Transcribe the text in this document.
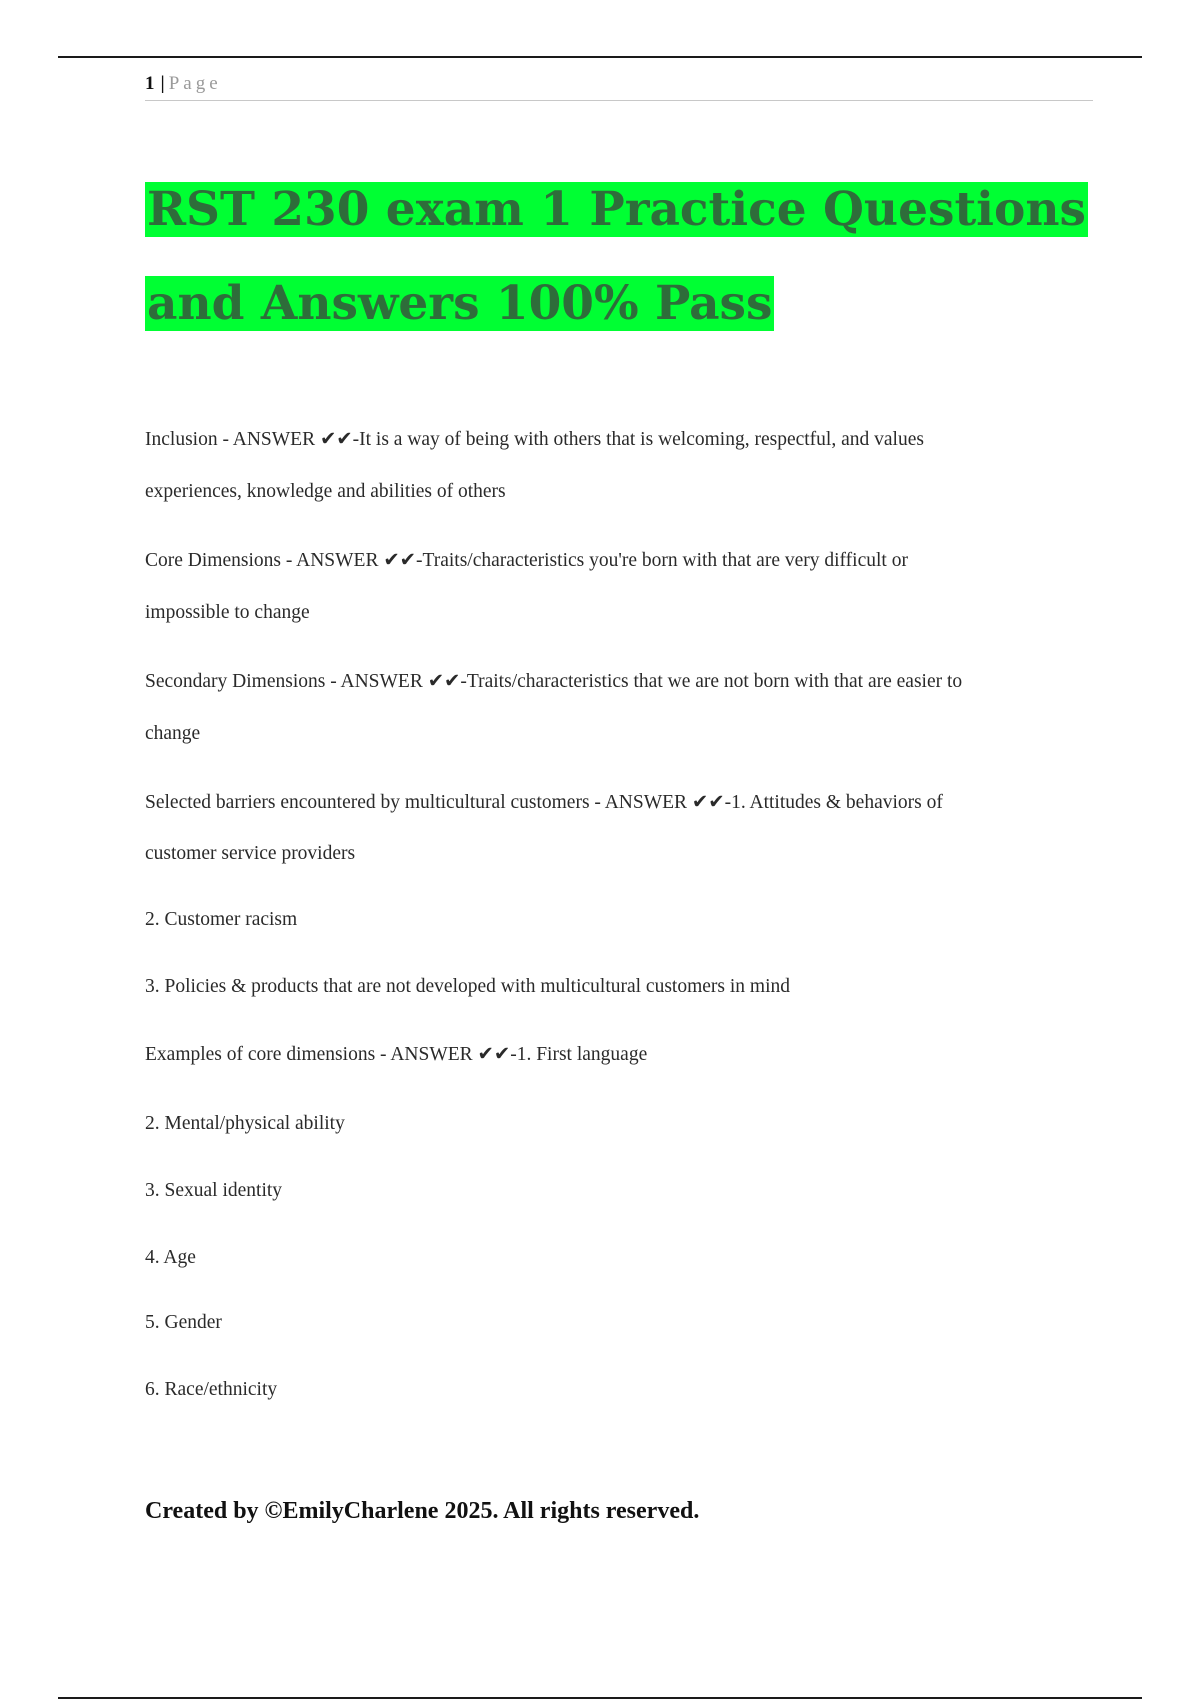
1 | Page
RST 230 exam 1 Practice Questions and Answers 100% Pass
Inclusion - ANSWER ✔✔-It is a way of being with others that is welcoming, respectful, and values
experiences, knowledge and abilities of others
Core Dimensions - ANSWER ✔✔-Traits/characteristics you're born with that are very difficult or
impossible to change
Secondary Dimensions - ANSWER ✔✔-Traits/characteristics that we are not born with that are easier to
change
Selected barriers encountered by multicultural customers - ANSWER ✔✔-1. Attitudes & behaviors of
customer service providers
2. Customer racism
3. Policies & products that are not developed with multicultural customers in mind
Examples of core dimensions - ANSWER ✔✔-1. First language
2. Mental/physical ability
3. Sexual identity
4. Age
5. Gender
6. Race/ethnicity
Created by ©EmilyCharlene 2025. All rights reserved.
